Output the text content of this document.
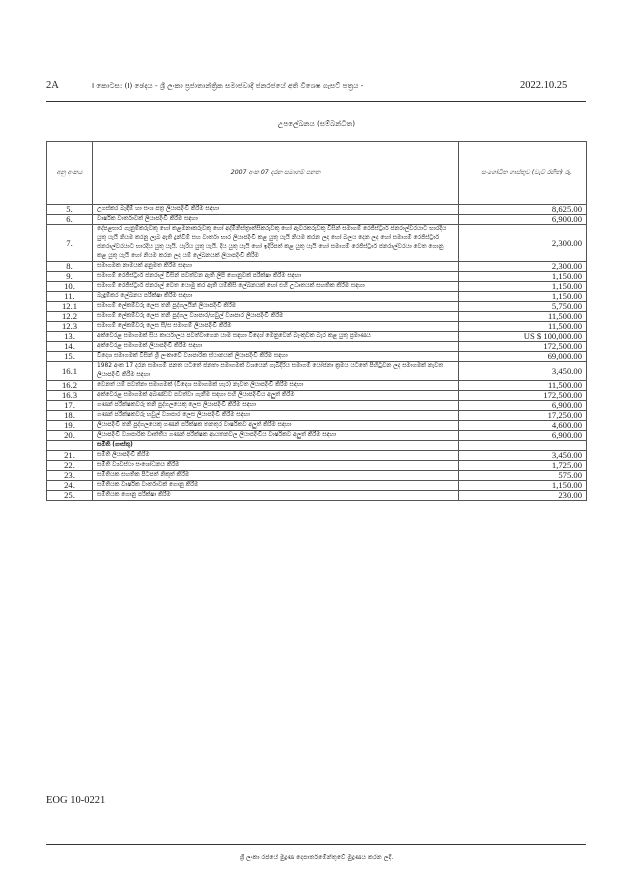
2A	I කොටස: (I) ඡෙදය - ශ්‍රී ලංකා ප්‍රජාතාන්ත්‍රික සමාජවාදී ජනරජයේ අති විශෙෂ ගැසට් පත්‍රය -	2022.10.25
උපලේඛනය (සම්බන්ධිත)
අනු අංකය	2007 අංක 07 දරන සමාගම් පනත	සංශෝධිත ගාස්තුව (වැට් රහිත) රු.
5.	උගස්කර බැඳීම් හා සංශ පත්‍ර ලියාපදිංචි කිරීම සඳහා	8,625.00
6.	වාර්ෂික වාර්තාවක් ලියාපදිංචි කිරීම සඳහා	6,900.00
7.	දේපළභාර ගැනුම්කරුවකු හෝ කළමනාකරුවකු හෝ අද්මිනිස්ත්‍රාත්සිකරුවකු හෝ ඈවරකරුවකු විසින් සමාගම් රෙජිස්ට්‍රාර් ජනරාල්වරයාට භාරදිය යුතු යැයි නියම කරනු ලැබ ඇති ද්‍රන්වීම් සහ වාර්තා භාර ලියාපදිංචි කළ යුතු යැයි නියම කරන ලද හෝ බලය දෙන ලද හෝ සමාගම් රෙජිස්ට්‍රාර් ජනරාල්වරයාට භාරදිය යුතු යැයි. යැරිය යුතු යැයි. දිය යුතු යැයි හෝ ඉදිරිපත් කළ යුතු යැයි හෝ සමාගම් රෙජිස්ට්‍රාර් ජනරාල්වරයා වෙත ගොනු කළ යුතු යැයි හෝ නියම කරන ලද යම් ලේඛනයක් ලියාපදිංචි කිරීම	2,300.00
8.	සමාගමක නාමයක් අනුමත කිරීම සඳහා	2,300.00
9.	සමාගම් රෙජිස්ට්‍රාර් ජනරාල් විසින් පවත්වන ඇති ලිපි ගොනුවක් පරීක්ෂා කිරීම සඳහා	1,150.00
10.	සමාගම් රෙජිස්ට්‍රාර් ජනරාල් වෙත යොමු කර ඇති යම්කිසි ලේඛනයක් හෝ එහි උධෘතයක් සහතික කිරීම සඳහා	1,150.00
11.	බැඳුම්කර ලේඛනය පරීක්ෂා කිරීම සඳහා	1,150.00
12.1	සමාගම් ලේකම්වරු ලෙස තනි පුද්ගලයින් ලියාපදිංචි කිරීම	5,750.00
12.2	සමාගම් ලේකම්වරු ලෙස තනි පුද්ගල ව්‍යාපාර/හවුල් ව්‍යාපාර ලියාපදිංචි කිරීම	11,500.00
12.3	සමාගම් ලේකම්වරු ලෙස සී/ස සමාගම් ලියාපදිංචි කිරීම	11,500.00
13.	අක්වෙරළ සමාගමක් සිය කාර්යාලය පවත්වාගෙන යාම සඳහා විදෙශ් මෙනුවෙන් බැංකුවක බැර කළ යුතු ප්‍රමාණය	US $ 100,000.00
14.	අක්වෙරළ සමාගමක් ලියාපදිංචි කිරීම සඳහා	172,500.00
15.	විදෙශ සමාගමක් විසින් ශ්‍රී ලංකාවේ ව්‍යාපාරික ස්ථානයක් ලියාපදිංචි කිරීම සඳහා	69,000.00
16.1	1982 අංක 17 දරන සමාගම් පනත යටතේ ජනතා සමාගමක් වශයෙන් ගැබිදිරිය සමාගම් යෝජනා ක්‍රමය යටතේ පිහිටුවන ලද සමාගමක් නැවත ලියාපදිංචි කිරීම සඳහා	3,450.00
16.2	වෙනත් යම් පවත්නා සමාගමක් (විදෙශ සමාගමක් හැර) නැවත ලියාපදිංචි කිරීම සඳහා	11,500.00
16.3	අක්වෙරළ සමාගමක් අඛණ්ඩව පවත්වා ගැනීම සඳහා එහි ලියාපදිංචිය අලුත් කිරීම	172,500.00
17.	ගණන් පරීක්ෂකවරු තනි පුද්ගලයෙකු ලෙස ලියාපදිංචි කිරීම සඳහා	6,900.00
18.	ගණන් පරීක්ෂකවරු හවුල් ව්‍යාපාර ලෙස ලියාපදිංචි කිරීම සඳහා	17,250.00
19.	ලියාපදිංචි තනි පුද්ගලයෙකු ගණන් පරීක්ෂක තනතුර වාර්ෂිකව අලුත් කිරීම සඳහා	4,600.00
20.	ලියාපදිංචි ව්‍යාපාරික වෘත්තීය ගණන් පරීක්ෂක ආයතනවල ලියාපදිංචිය වාර්ෂිකව අලුත් කිරීම සඳහා	6,900.00
	සමිති (ගාස්තු)	
21.	සමිති ලියාපදිංචි කිරීම	3,450.00
22.	සමිති ව්‍යවස්ථා සංශෝධනය කිරීම	1,725.00
23.	සමිතියක සහතික පිටපත් නිකුත් කිරීම	575.00
24.	සමිතියක වාර්ෂික වාර්තාවක් ගොනු කිරීම	1,150.00
25.	සමිතියක ගොනු පරීක්ෂා කිරීම	230.00
EOG 10-0221
ශ්‍රී ලංකා රජයේ මුද්‍රණ දෙපාර්තමේන්තුවේ මුද්‍රණය කරන ලදී.
